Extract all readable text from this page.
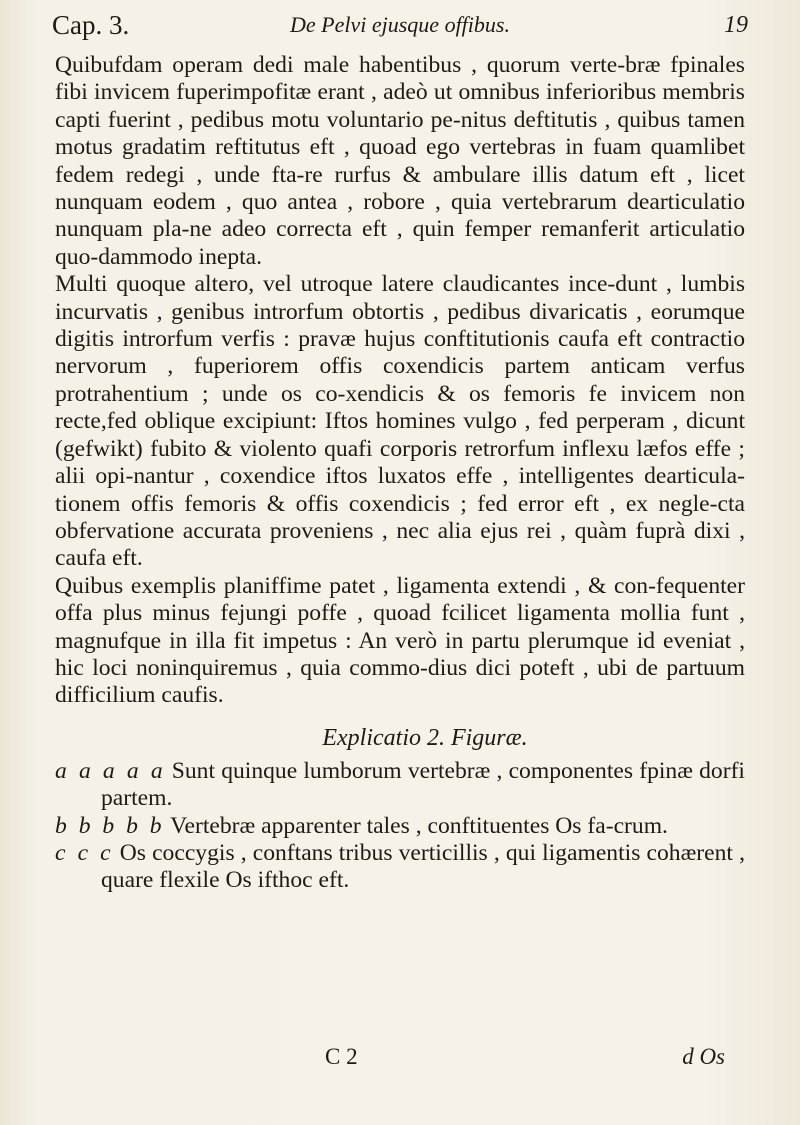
Cap. 3.	De Pelvi ejusque offibus.	19

Quibufdam operam dedi male habentibus , quorum verte-bræ fpinales fibi invicem fuperimpofitæ erant , adeò ut omnibus inferioribus membris capti fuerint , pedibus motu voluntario pe-nitus deftitutis , quibus tamen motus gradatim reftitutus eft , quoad ego vertebras in fuam quamlibet fedem redegi , unde fta-re rurfus & ambulare illis datum eft , licet nunquam eodem , quo antea , robore , quia vertebrarum dearticulatio nunquam pla-ne adeo correcta eft , quin femper remanferit articulatio quo-dammodo inepta.

Multi quoque altero, vel utroque latere claudicantes ince-dunt , lumbis incurvatis , genibus introrfum obtortis , pedibus divaricatis , eorumque digitis introrfum verfis : pravæ hujus conftitutionis caufa eft contractio nervorum , fuperiorem offis coxendicis partem anticam verfus protrahentium ; unde os co-xendicis & os femoris fe invicem non recte,fed oblique excipiunt: Iftos homines vulgo , fed perperam , dicunt (gefwikt) fubito & violento quafi corporis retrorfum inflexu læfos effe ; alii opi-nantur , coxendice iftos luxatos effe , intelligentes dearticula-tionem offis femoris & offis coxendicis ; fed error eft , ex negle-cta obfervatione accurata proveniens , nec alia ejus rei , quàm fuprà dixi , caufa eft.

Quibus exemplis planiffime patet , ligamenta extendi , & con-fequenter offa plus minus fejungi poffe , quoad fcilicet ligamenta mollia funt , magnufque in illa fit impetus : An verò in partu plerumque id eveniat , hic loci noninquiremus , quia commo-dius dici poteft , ubi de partuum difficilium caufis.

Explicatio 2. Figuræ.

a a a a a Sunt quinque lumborum vertebræ , componentes fpinæ dorfi partem.

b b b b b Vertebræ apparenter tales , conftituentes Os fa-crum.

c c c Os coccygis , conftans tribus verticillis , qui ligamentis cohærent , quare flexile Os ifthoc eft.

C 2	d Os
